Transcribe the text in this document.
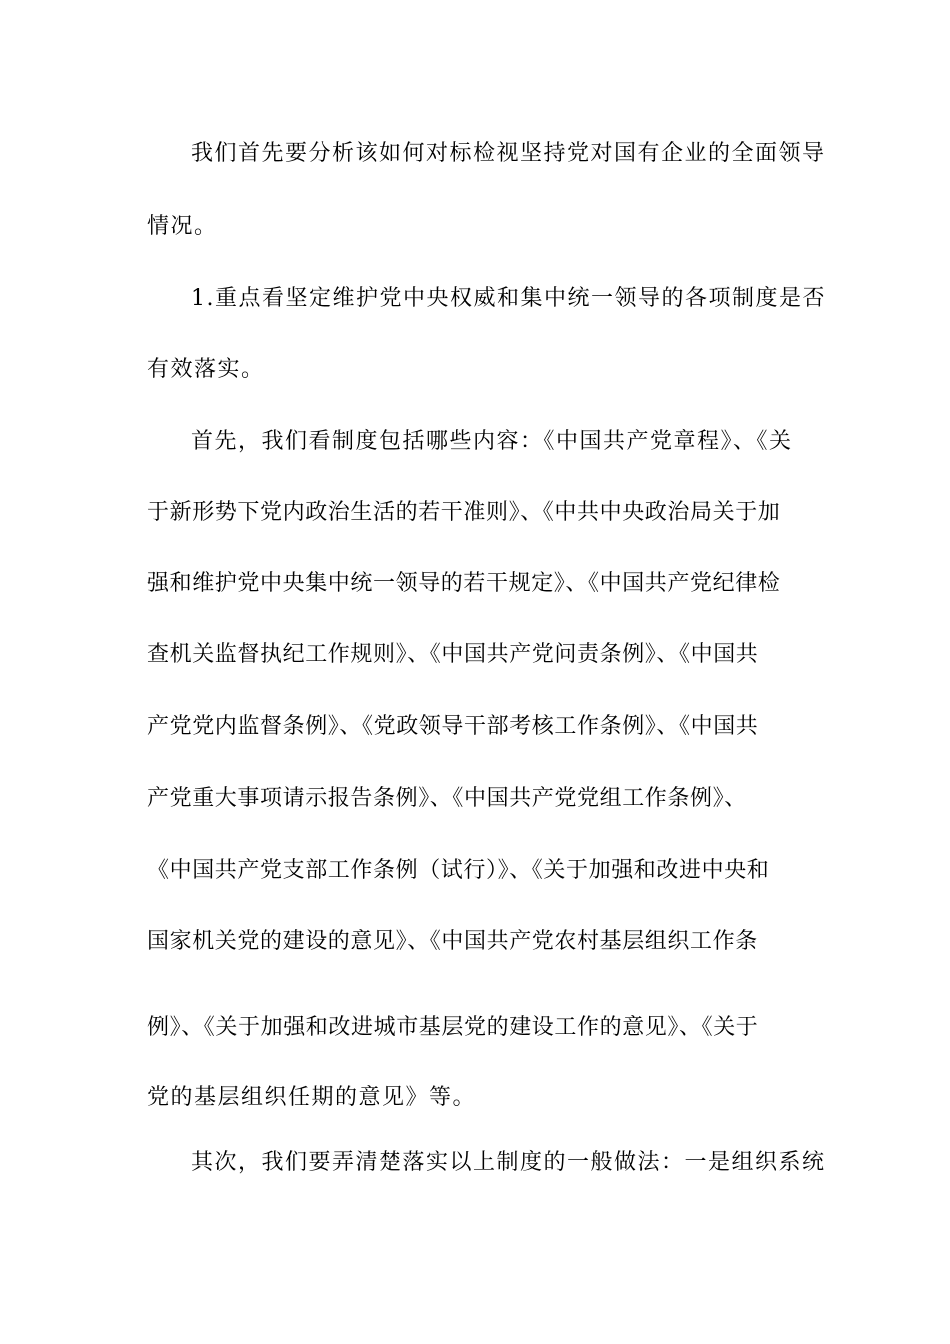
我们首先要分析该如何对标检视坚持党对国有企业的全面领导
情况。
1.重点看坚定维护党中央权威和集中统一领导的各项制度是否
有效落实。
首先，我们看制度包括哪些内容：《中国共产党章程》、《关
于新形势下党内政治生活的若干准则》、《中共中央政治局关于加
强和维护党中央集中统一领导的若干规定》、《中国共产党纪律检
查机关监督执纪工作规则》、《中国共产党问责条例》、《中国共
产党党内监督条例》、《党政领导干部考核工作条例》、《中国共
产党重大事项请示报告条例》、《中国共产党党组工作条例》、
《中国共产党支部工作条例（试行）》、《关于加强和改进中央和
国家机关党的建设的意见》、《中国共产党农村基层组织工作条
例》、《关于加强和改进城市基层党的建设工作的意见》、《关于
党的基层组织任期的意见》等。
其次，我们要弄清楚落实以上制度的一般做法：一是组织系统
